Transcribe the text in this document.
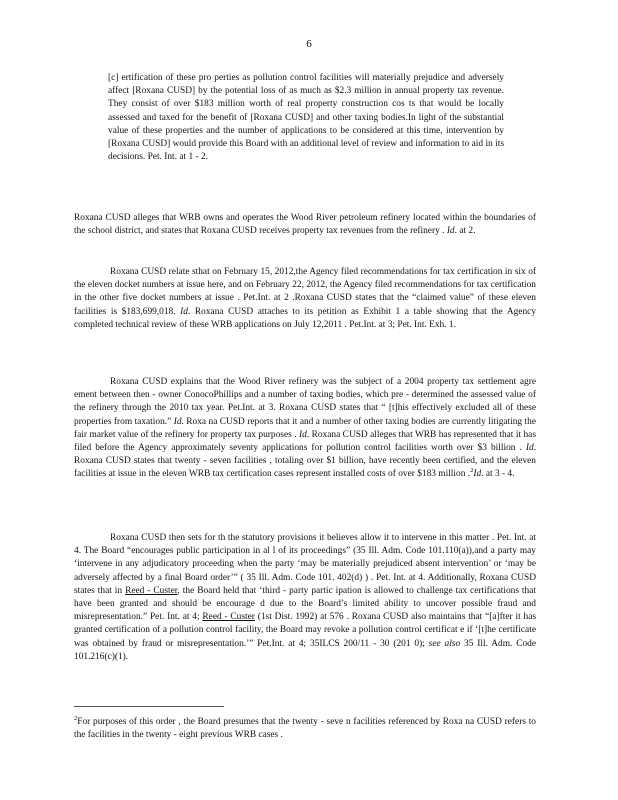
6
[c] ertification of these pro perties as pollution control facilities will materially prejudice and adversely affect [Roxana CUSD] by the potential loss of as much as $2.3 million in annual property tax revenue. They consist of over $183 million worth of real property construction cos ts that would be locally assessed and taxed for the benefit of [Roxana CUSD] and other taxing bodies.In light of the substantial value of these properties and the number of applications to be considered at this time, intervention by [Roxana CUSD] would provide this Board with an additional level of review and information to aid in its decisions. Pet. Int. at 1 - 2.
Roxana CUSD alleges that WRB owns and operates the Wood River petroleum refinery located within the boundaries of the school district, and states that Roxana CUSD receives property tax revenues from the refinery . Id. at 2.
Roxana CUSD relate sthat on February 15, 2012,the Agency filed recommendations for tax certification in six of the eleven docket numbers at issue here, and on February 22, 2012, the Agency filed recommendations for tax certification in the other five docket numbers at issue . Pet.Int. at 2 .Roxana CUSD states that the “claimed value” of these eleven facilities is $183,699,018. Id. Roxana CUSD attaches to its petition as Exhibit 1 a table showing that the Agency completed technical review of these WRB applications on July 12,2011 . Pet.Int. at 3; Pet. Int. Exh. 1.
Roxana CUSD explains that the Wood River refinery was the subject of a 2004 property tax settlement agre ement between then - owner ConocoPhillips and a number of taxing bodies, which pre - determined the assessed value of the refinery through the 2010 tax year. Pet.Int. at 3. Roxana CUSD states that “ [t]his effectively excluded all of these properties from taxation.” Id. Roxa na CUSD reports that it and a number of other taxing bodies are currently litigating the fair market value of the refinery for property tax purposes . Id. Roxana CUSD alleges that WRB has represented that it has filed before the Agency approximately seventy applications for pollution control facilities worth over $3 billion . Id. Roxana CUSD states that twenty - seven facilities , totaling over $1 billion, have recently been certified, and the eleven facilities at issue in the eleven WRB tax certification cases represent installed costs of over $183 million .$^2$Id. at 3 - 4.
Roxana CUSD then sets for th the statutory provisions it believes allow it to intervene in this matter . Pet. Int. at 4. The Board “encourages public participation in al l of its proceedings” (35 Ill. Adm. Code 101.110(a)),and a party may ‘intervene in any adjudicatory proceeding when the party ‘may be materially prejudiced absent intervention’ or ‘may be adversely affected by a final Board order’” ( 35 Ill. Adm. Code 101. 402(d) ) . Pet. Int. at 4. Additionally, Roxana CUSD states that in Reed - Custer, the Board held that ‘third - party partic ipation is allowed to challenge tax certifications that have been granted and should be encourage d due to the Board’s limited ability to uncover possible fraud and misrepresentation.” Pet. Int. at 4; Reed - Custer (1st Dist. 1992) at 576 . Roxana CUSD also maintains that “[a]fter it has granted certification of a pollution control facility, the Board may revoke a pollution control certificat e if ‘[t]he certificate was obtained by fraud or misrepresentation.’” Pet.Int. at 4; 35ILCS 200/11 - 30 (201 0); see also 35 Ill. Adm. Code 101.216(c)(1).
$^2$For purposes of this order , the Board presumes that the twenty - seve n facilities referenced by Roxa na CUSD refers to the facilities in the twenty - eight previous WRB cases .
